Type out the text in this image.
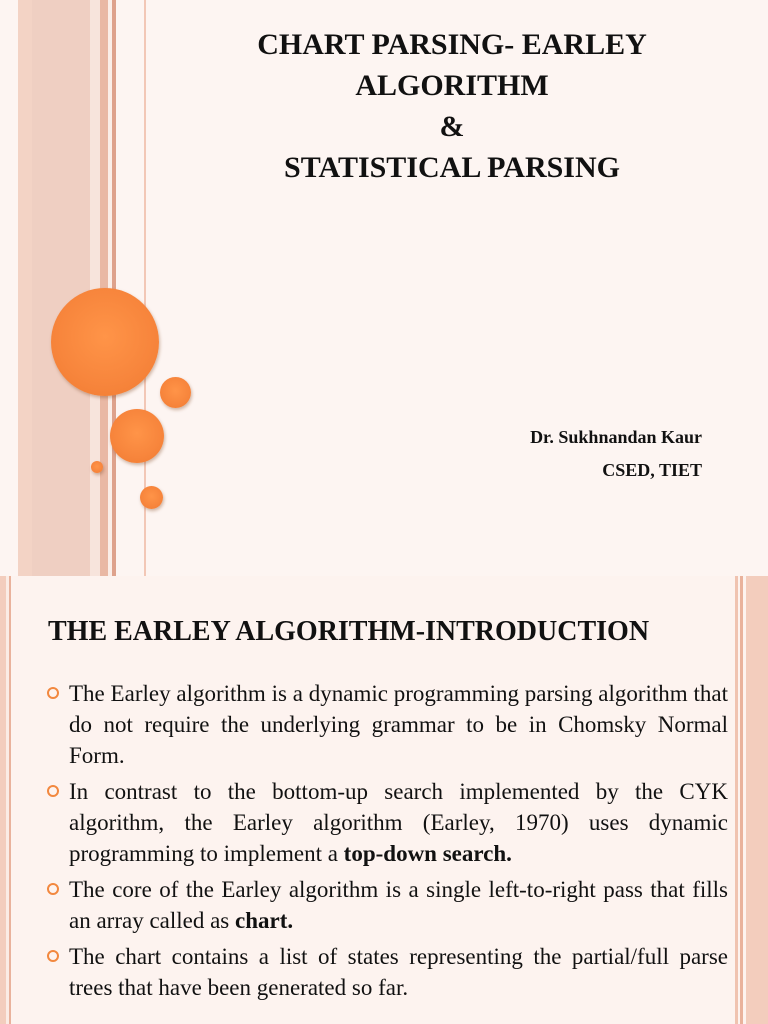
CHART PARSING- EARLEY
ALGORITHM
&
STATISTICAL PARSING
Dr. Sukhnandan Kaur
CSED, TIET
THE EARLEY ALGORITHM-INTRODUCTION
The Earley algorithm is a dynamic programming parsing algorithm that do not require the underlying grammar to be in Chomsky Normal Form.
In contrast to the bottom-up search implemented by the CYK algorithm, the Earley algorithm (Earley, 1970) uses dynamic programming to implement a top-down search.
The core of the Earley algorithm is a single left-to-right pass that fills an array called as chart.
The chart contains a list of states representing the partial/full parse trees that have been generated so far.
